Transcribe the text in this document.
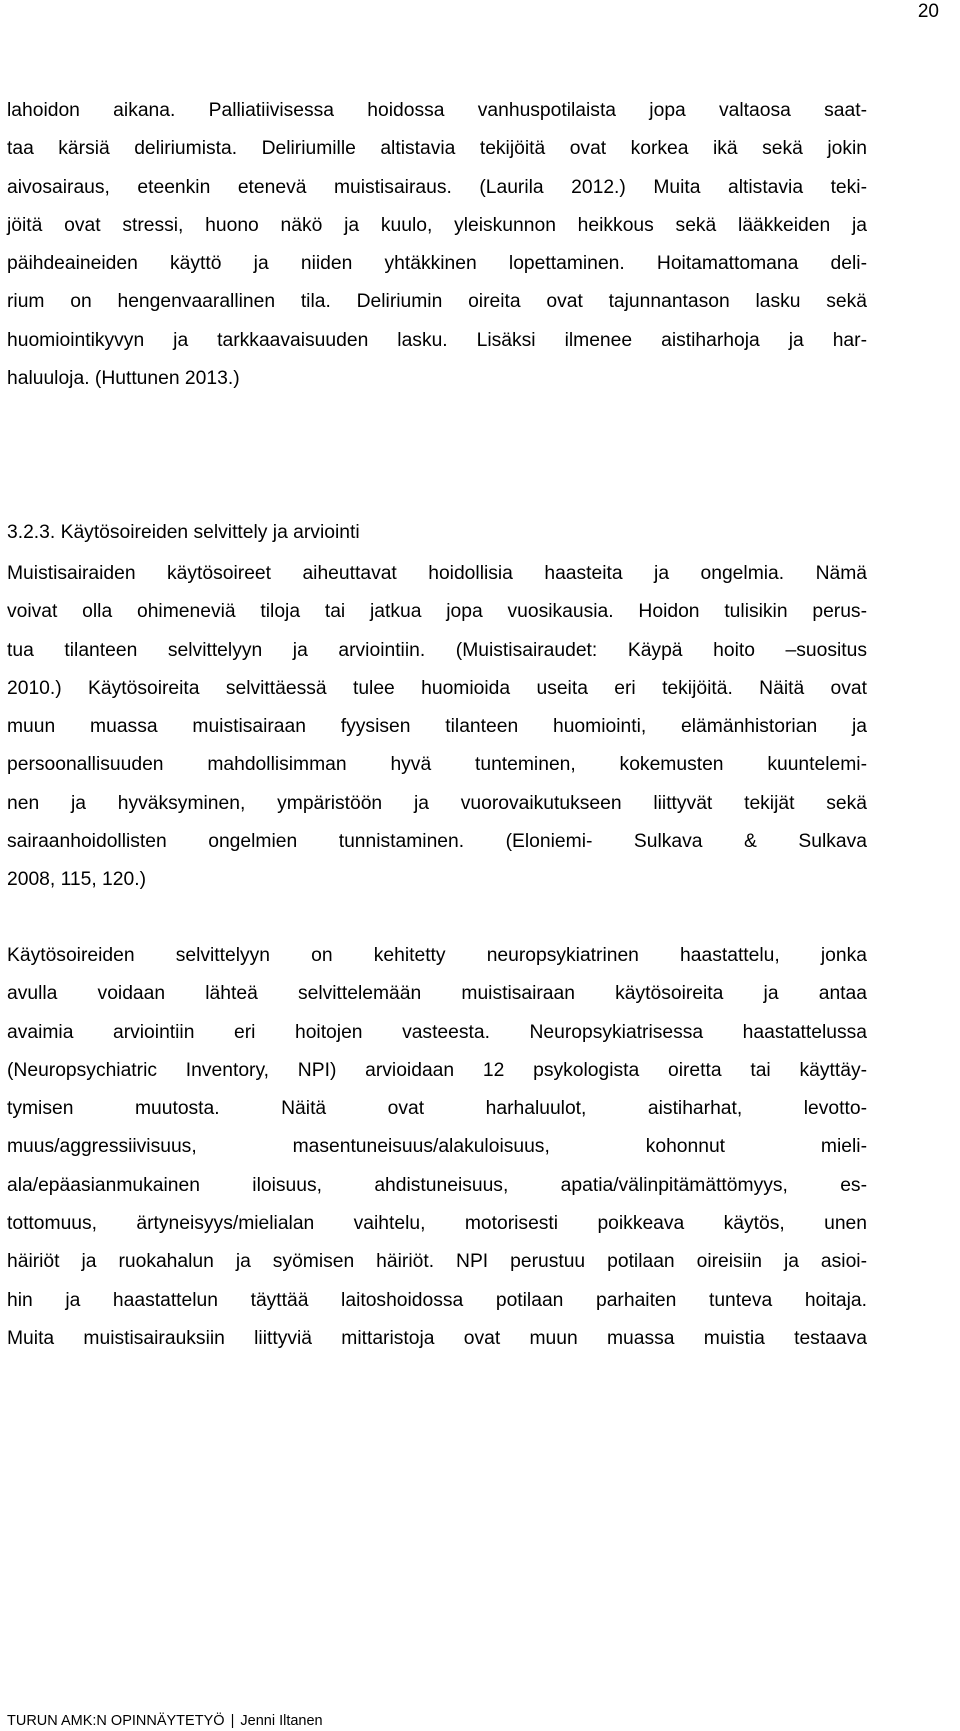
20
lahoidon aikana. Palliatiivisessa hoidossa vanhuspotilaista jopa valtaosa saat-
taa kärsiä deliriumista. Deliriumille altistavia tekijöitä ovat korkea ikä sekä jokin
aivosairaus, eteenkin etenevä muistisairaus. (Laurila 2012.) Muita altistavia teki-
jöitä ovat stressi, huono näkö ja kuulo, yleiskunnon heikkous sekä lääkkeiden ja
päihdeaineiden käyttö ja niiden yhtäkkinen lopettaminen. Hoitamattomana deli-
rium on hengenvaarallinen tila. Deliriumin oireita ovat tajunnantason lasku sekä
huomiointikyvyn ja tarkkaavaisuuden lasku. Lisäksi ilmenee aistiharhoja ja har-
haluuloja. (Huttunen 2013.)
3.2.3. Käytösoireiden selvittely ja arviointi
Muistisairaiden käytösoireet aiheuttavat hoidollisia haasteita ja ongelmia. Nämä
voivat olla ohimeneviä tiloja tai jatkua jopa vuosikausia. Hoidon tulisikin perus-
tua tilanteen selvittelyyn ja arviointiin. (Muistisairaudet: Käypä hoito –suositus
2010.) Käytösoireita selvittäessä tulee huomioida useita eri tekijöitä. Näitä ovat
muun muassa muistisairaan fyysisen tilanteen huomiointi, elämänhistorian ja
persoonallisuuden mahdollisimman hyvä tunteminen, kokemusten kuuntelemi-
nen ja hyväksyminen, ympäristöön ja vuorovaikutukseen liittyvät tekijät sekä
sairaanhoidollisten ongelmien tunnistaminen. (Eloniemi- Sulkava & Sulkava
2008, 115, 120.)
Käytösoireiden selvittelyyn on kehitetty neuropsykiatrinen haastattelu, jonka
avulla voidaan lähteä selvittelemään muistisairaan käytösoireita ja antaa
avaimia arviointiin eri hoitojen vasteesta. Neuropsykiatrisessa haastattelussa
(Neuropsychiatric Inventory, NPI) arvioidaan 12 psykologista oiretta tai käyttäy-
tymisen muutosta. Näitä ovat harhaluulot, aistiharhat, levotto-
muus/aggressiivisuus, masentuneisuus/alakuloisuus, kohonnut mieli-
ala/epäasianmukainen iloisuus, ahdistuneisuus, apatia/välinpitämättömyys, es-
tottomuus, ärtyneisyys/mielialan vaihtelu, motorisesti poikkeava käytös, unen
häiriöt ja ruokahalun ja syömisen häiriöt. NPI perustuu potilaan oireisiin ja asioi-
hin ja haastattelun täyttää laitoshoidossa potilaan parhaiten tunteva hoitaja.
Muita muistisairauksiin liittyviä mittaristoja ovat muun muassa muistia testaava
TURUN AMK:N OPINNÄYTETYÖ | Jenni Iltanen
